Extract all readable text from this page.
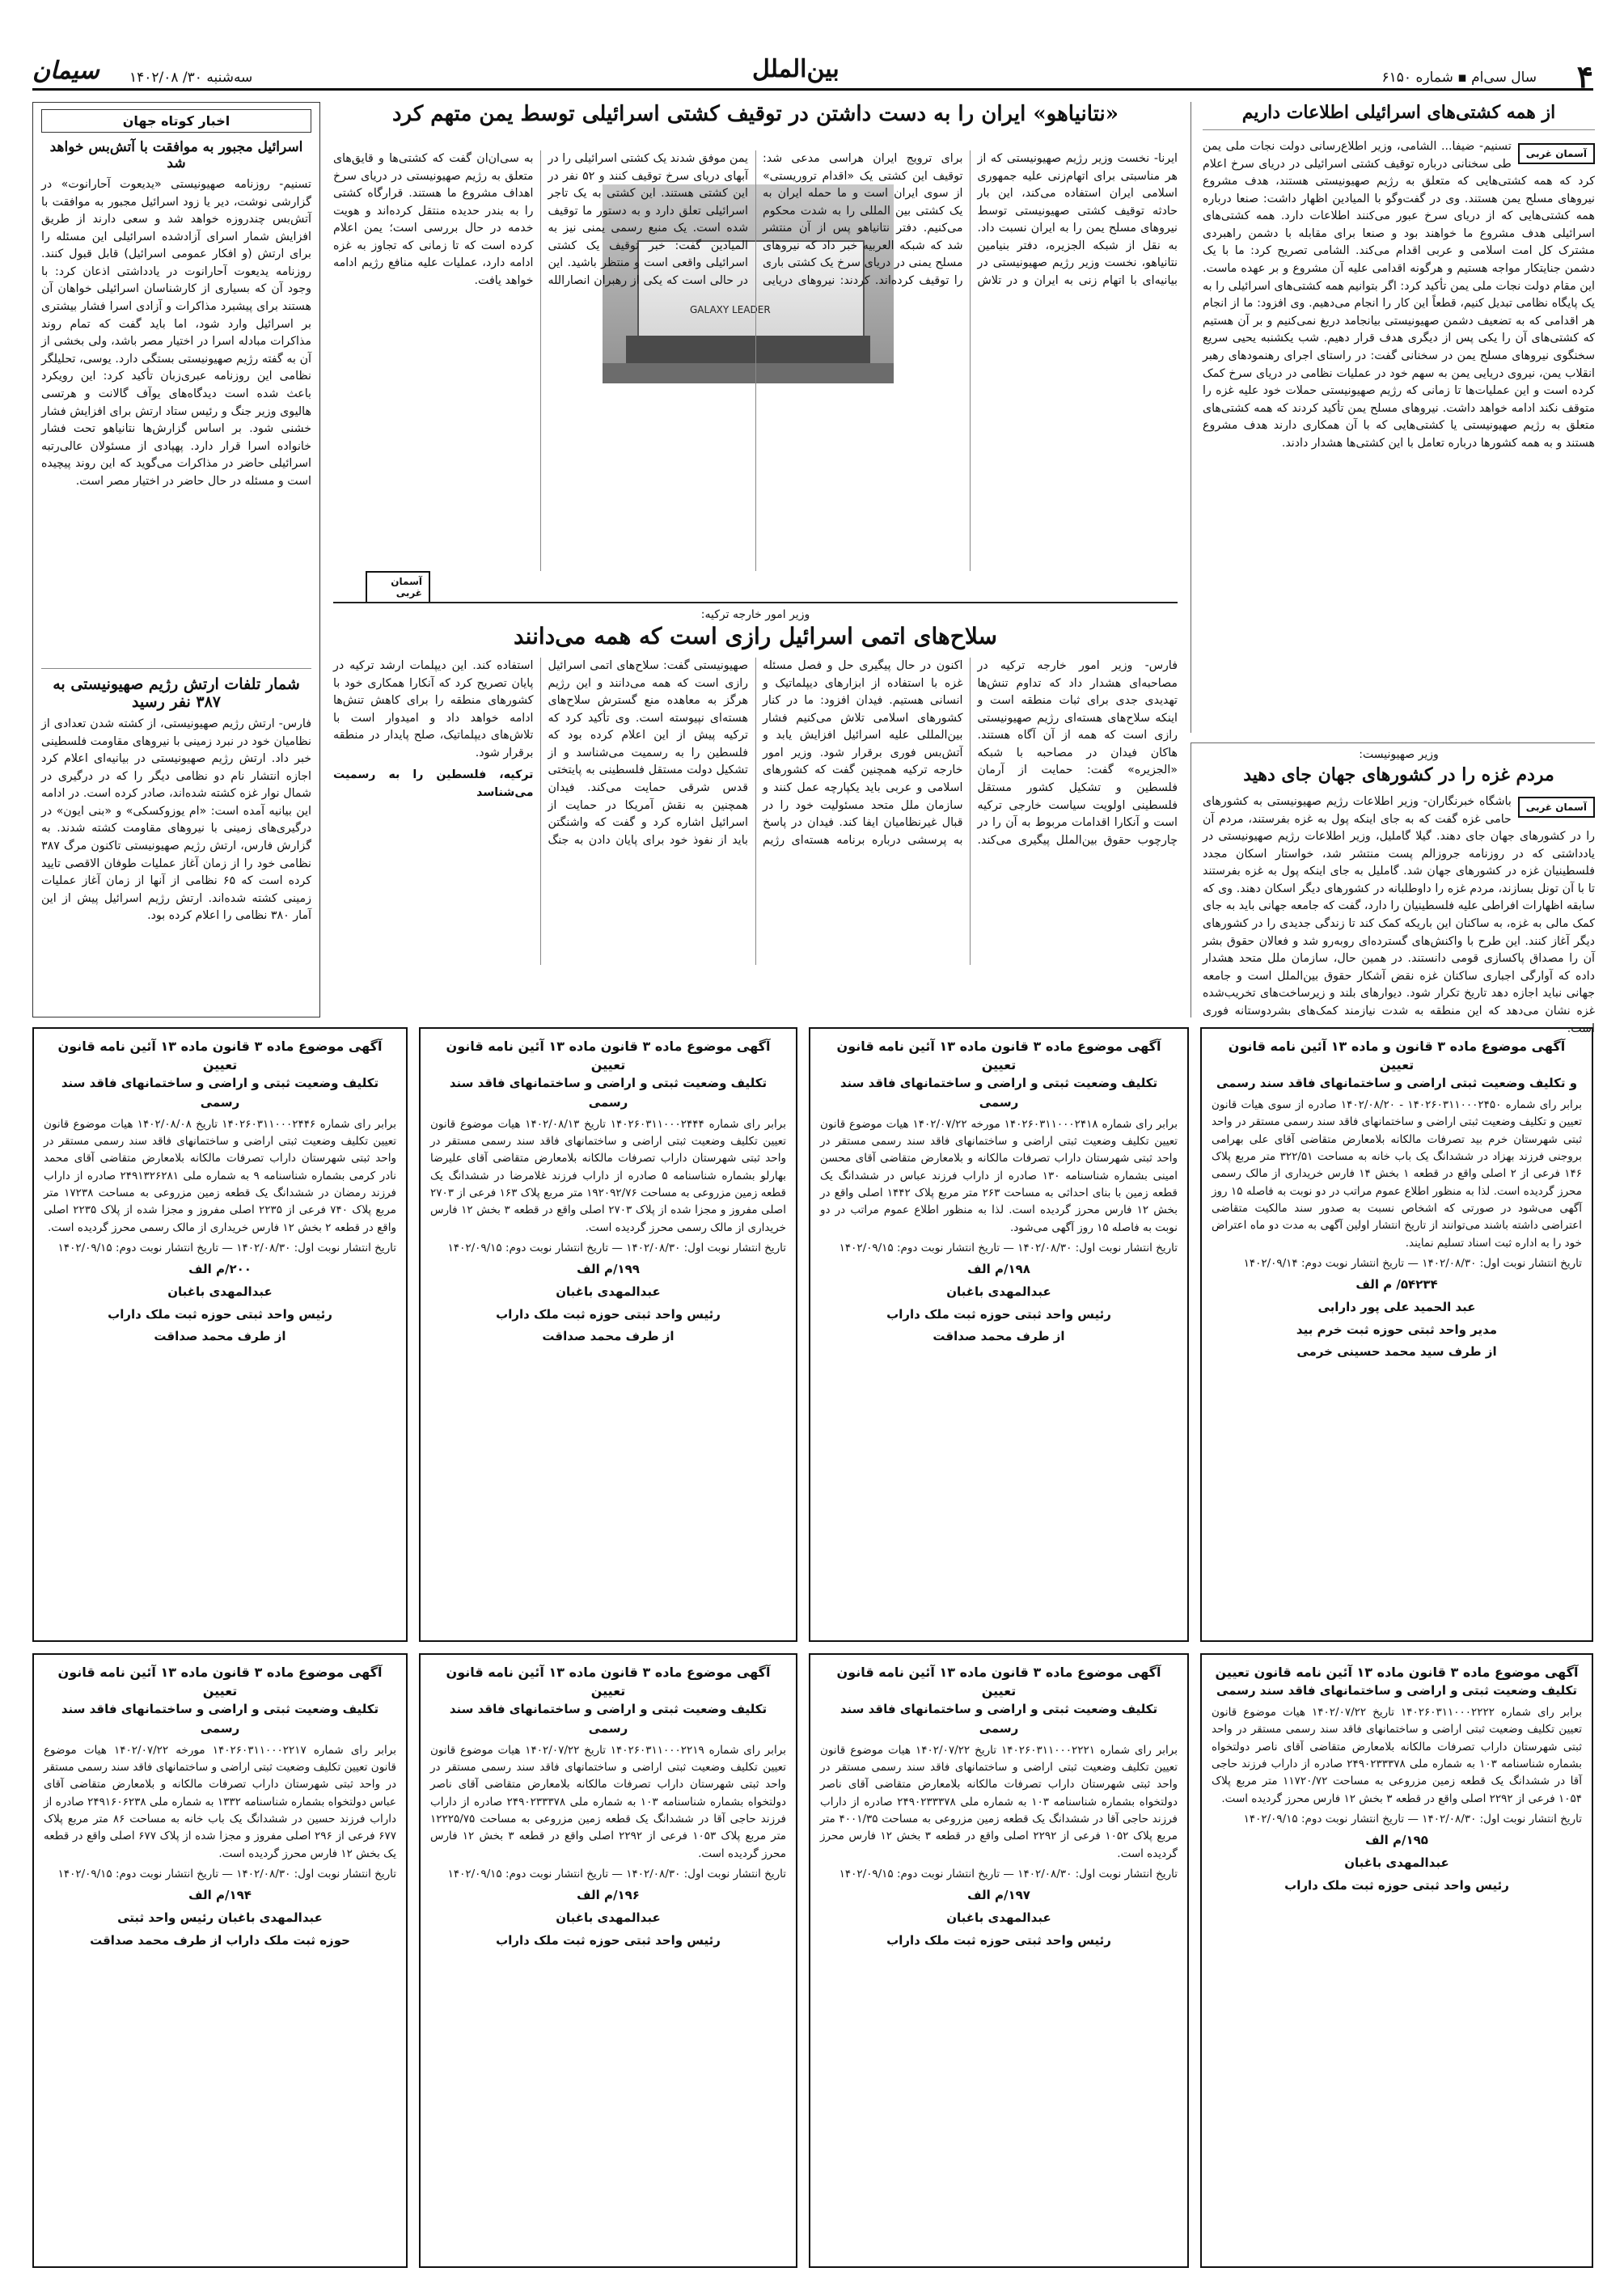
۴
سال سی‌ام ▪ شماره ۶۱۵۰
بین‌الملل
سه‌شنبه ۳۰/ ۱۴۰۲/۰۸
سیمان
از همه کشتی‌های اسرائیلی اطلاعات داریم
آسمان غربی
تسنیم- ضیفا... الشامی، وزیر اطلاع‌رسانی دولت نجات ملی یمن طی سخنانی درباره توقیف کشتی اسرائیلی در دریای سرخ اعلام کرد که همه کشتی‌هایی که متعلق به رژیم صهیونیستی هستند، هدف مشروع نیروهای مسلح یمن هستند. وی در گفت‌وگو با المیادین اظهار داشت: صنعا درباره همه کشتی‌هایی که از دریای سرخ عبور می‌کنند اطلاعات دارد. همه کشتی‌های اسرائیلی هدف مشروع ما خواهند بود و صنعا برای مقابله با دشمن راهبردی مشترک کل امت اسلامی و عربی اقدام می‌کند. الشامی تصریح کرد: ما با یک دشمن جنایتکار مواجه هستیم و هرگونه اقدامی علیه آن مشروع و بر عهده ماست. این مقام دولت نجات ملی یمن تأکید کرد: اگر بتوانیم همه کشتی‌های اسرائیلی را به یک پایگاه نظامی تبدیل کنیم، قطعاً این کار را انجام می‌دهیم. وی افزود: ما از انجام هر اقدامی که به تضعیف دشمن صهیونیستی بیانجامد دریغ نمی‌کنیم و بر آن هستیم که کشتی‌های آن را یکی پس از دیگری هدف قرار دهیم. شب یکشنبه یحیی سریع سخنگوی نیروهای مسلح یمن در سخنانی گفت: در راستای اجرای رهنمودهای رهبر انقلاب یمن، نیروی دریایی یمن به سهم خود در عملیات نظامی در دریای سرخ کمک کرده است و این عملیات‌ها تا زمانی که رژیم صهیونیستی حملات خود علیه غزه را متوقف نکند ادامه خواهد داشت. نیروهای مسلح یمن تأکید کردند که همه کشتی‌های متعلق به رژیم صهیونیستی یا کشتی‌هایی که با آن همکاری دارند هدف مشروع هستند و به همه کشورها درباره تعامل با این کشتی‌ها هشدار دادند.
وزیر صهیونیست:
مردم غزه را در کشورهای جهان جای دهید
آسمان غربی
باشگاه خبرنگاران- وزیر اطلاعات رژیم صهیونیستی به کشورهای حامی غزه گفت که به جای اینکه پول به غزه بفرستند، مردم آن را در کشورهای جهان جای دهند. گیلا گاملیل، وزیر اطلاعات رژیم صهیونیستی در یادداشتی که در روزنامه جروزالم پست منتشر شد، خواستار اسکان مجدد فلسطینیان غزه در کشورهای جهان شد. گاملیل به جای اینکه پول به غزه بفرستند تا با آن تونل بسازند، مردم غزه را داوطلبانه در کشورهای دیگر اسکان دهند. وی که سابقه اظهارات افراطی علیه فلسطینیان را دارد، گفت که جامعه جهانی باید به جای کمک مالی به غزه، به ساکنان این باریکه کمک کند تا زندگی جدیدی را در کشورهای دیگر آغاز کنند. این طرح با واکنش‌های گسترده‌ای روبه‌رو شد و فعالان حقوق بشر آن را مصداق پاکسازی قومی دانستند. در همین حال، سازمان ملل متحد هشدار داده که آوارگی اجباری ساکنان غزه نقض آشکار حقوق بین‌الملل است و جامعه جهانی نباید اجازه دهد تاریخ تکرار شود. دیوارهای بلند و زیرساخت‌های تخریب‌شده غزه نشان می‌دهد که این منطقه به شدت نیازمند کمک‌های بشردوستانه فوری است.
«نتانیاهو» ایران را به دست داشتن در توقیف کشتی اسرائیلی توسط یمن متهم کرد
GALAXY LEADER
ایرنا- نخست وزیر رژیم صهیونیستی که از هر مناسبتی برای اتهام‌زنی علیه جمهوری اسلامی ایران استفاده می‌کند، این بار حادثه توقیف کشتی صهیونیستی توسط نیروهای مسلح یمن را به ایران نسبت داد. به نقل از شبکه الجزیره، دفتر بنیامین نتانیاهو، نخست وزیر رژیم صهیونیستی در بیانیه‌ای با اتهام زنی به ایران و در تلاش برای ترویج ایران هراسی مدعی شد: توقیف این کشتی یک «اقدام تروریستی» از سوی ایران است و ما حمله ایران به یک کشتی بین المللی را به شدت محکوم می‌کنیم. دفتر نتانیاهو پس از آن منتشر شد که شبکه العربیه خبر داد که نیروهای مسلح یمنی در دریای سرخ یک کشتی باری را توقیف کرده‌اند. کردند: نیروهای دریایی یمن موفق شدند یک کشتی اسرائیلی را در آبهای دریای سرخ توقیف کنند و ۵۲ نفر در این کشتی هستند. این کشتی به یک تاجر اسرائیلی تعلق دارد و به دستور ما توقیف شده است. یک منبع رسمی یمنی نیز به المیادین گفت: خبر توقیف یک کشتی اسرائیلی واقعی است و منتظر باشید. این در حالی است که یکی از رهبران انصارالله به سی‌ان‌ان گفت که کشتی‌ها و قایق‌های متعلق به رژیم صهیونیستی در دریای سرخ اهداف مشروع ما هستند. قرارگاه کشتی را به بندر حدیده منتقل کرده‌اند و هویت خدمه در حال بررسی است؛ یمن اعلام کرده است که تا زمانی که تجاوز به غزه ادامه دارد، عملیات علیه منافع رژیم ادامه خواهد یافت.
آسمان غربی
وزیر امور خارجه ترکیه:
سلاح‌های اتمی اسرائیل رازی است که همه می‌دانند
فارس- وزیر امور خارجه ترکیه در مصاحبه‌ای هشدار داد که تداوم تنش‌ها تهدیدی جدی برای ثبات منطقه است و اینکه سلاح‌های هسته‌ای رژیم صهیونیستی رازی است که همه از آن آگاه هستند. هاکان فیدان در مصاحبه با شبکه «الجزیره» گفت: حمایت از آرمان فلسطین و تشکیل کشور مستقل فلسطینی اولویت سیاست خارجی ترکیه است و آنکارا اقدامات مربوط به آن را در چارچوب حقوق بین‌الملل پیگیری می‌کند. اکنون در حال پیگیری حل و فصل مسئله غزه با استفاده از ابزارهای دیپلماتیک و انسانی هستیم. فیدان افزود: ما در کنار کشورهای اسلامی تلاش می‌کنیم فشار بین‌المللی علیه اسرائیل افزایش یابد و آتش‌بس فوری برقرار شود. وزیر امور خارجه ترکیه همچنین گفت که کشورهای اسلامی و عربی باید یکپارچه عمل کنند و سازمان ملل متحد مسئولیت خود را در قبال غیرنظامیان ایفا کند. فیدان در پاسخ به پرسشی درباره برنامه هسته‌ای رژیم صهیونیستی گفت: سلاح‌های اتمی اسرائیل رازی است که همه می‌دانند و این رژیم هرگز به معاهده منع گسترش سلاح‌های هسته‌ای نپیوسته است. وی تأکید کرد که ترکیه پیش از این اعلام کرده بود که فلسطین را به رسمیت می‌شناسد و از تشکیل دولت مستقل فلسطینی به پایتختی قدس شرقی حمایت می‌کند. فیدان همچنین به نقش آمریکا در حمایت از اسرائیل اشاره کرد و گفت که واشنگتن باید از نفوذ خود برای پایان دادن به جنگ استفاده کند. این دیپلمات ارشد ترکیه در پایان تصریح کرد که آنکارا همکاری خود با کشورهای منطقه را برای کاهش تنش‌ها ادامه خواهد داد و امیدوار است با تلاش‌های دیپلماتیک، صلح پایدار در منطقه برقرار شود.
ترکیه، فلسطین را به رسمیت می‌شناسد
اخبار کوتاه جهان
اسرائیل مجبور به موافقت با آتش‌بس خواهد شد
تسنیم- روزنامه صهیونیستی «یدیعوت آحارانوت» در گزارشی نوشت، دیر یا زود اسرائیل مجبور به موافقت با آتش‌بس چندروزه خواهد شد و سعی دارند از طریق افزایش شمار اسرای آزادشده اسرائیلی این مسئله را برای ارتش (و افکار عمومی اسرائیل) قابل قبول کنند. روزنامه یدیعوت آحارانوت در یادداشتی اذعان کرد: با وجود آن که بسیاری از کارشناسان اسرائیلی خواهان آن هستند برای پیشبرد مذاکرات و آزادی اسرا فشار بیشتری بر اسرائیل وارد شود، اما باید گفت که تمام روند مذاکرات مبادله اسرا در اختیار مصر باشد، ولی بخشی از آن به گفته رژیم صهیونیستی بستگی دارد. یوسی، تحلیلگر نظامی این روزنامه عبری‌زبان تأکید کرد: این رویکرد باعث شده است دیدگاه‌های یوآف گالانت و هرتسی هالیوی وزیر جنگ و رئیس ستاد ارتش برای افزایش فشار خشنی شود. بر اساس گزارش‌ها نتانیاهو تحت فشار خانواده اسرا قرار دارد. پهپادی از مسئولان عالی‌رتبه اسرائیلی حاضر در مذاکرات می‌گوید که این روند پیچیده است و مسئله در حال حاضر در اختیار مصر است.
شمار تلفات ارتش رژیم صهیونیستی به ۳۸۷ نفر رسید
فارس- ارتش رژیم صهیونیستی، از کشته شدن تعدادی از نظامیان خود در نبرد زمینی با نیروهای مقاومت فلسطینی خبر داد. ارتش رژیم صهیونیستی در بیانیه‌ای اعلام کرد اجازه انتشار نام دو نظامی دیگر را که در درگیری در شمال نوار غزه کشته شده‌اند، صادر کرده است. در ادامه این بیانیه آمده است: «ام یوزوکسکی» و «بنی ایون» در درگیری‌های زمینی با نیروهای مقاومت کشته شدند. به گزارش فارس، ارتش رژیم صهیونیستی تاکنون مرگ ۳۸۷ نظامی خود را از زمان آغاز عملیات طوفان الاقصی تایید کرده است که ۶۵ نظامی از آنها از زمان آغاز عملیات زمینی کشته شده‌اند. ارتش رژیم اسرائیل پیش از این آمار ۳۸۰ نظامی را اعلام کرده بود.
آگهی موضوع ماده ۳ قانون و ماده ۱۳ آئین نامه قانون تعیین
و تکلیف وضعیت ثبتی اراضی و ساختمانهای فاقد سند رسمی
برابر رای شماره ۱۴۰۲۶۰۳۱۱۰۰۰۲۴۵۰ - ۱۴۰۲/۰۸/۲۰ صادره از سوی هیات قانون تعیین و تکلیف وضعیت ثبتی اراضی و ساختمانهای فاقد سند رسمی مستقر در واحد ثبتی شهرستان خرم بید تصرفات مالکانه بلامعارض متقاضی آقای علی بهرامی بروجنی فرزند بهزاد در ششدانگ یک باب خانه به مساحت ۳۲۲/۵۱ متر مربع پلاک ۱۴۶ فرعی از ۲ اصلی واقع در قطعه ۱ بخش ۱۴ فارس خریداری از مالک رسمی محرز گردیده است. لذا به منظور اطلاع عموم مراتب در دو نوبت به فاصله ۱۵ روز آگهی می‌شود در صورتی که اشخاص نسبت به صدور سند مالکیت متقاضی اعتراضی داشته باشند می‌توانند از تاریخ انتشار اولین آگهی به مدت دو ماه اعتراض خود را به اداره ثبت اسناد تسلیم نمایند.
تاریخ انتشار نوبت اول: ۱۴۰۲/۰۸/۳۰ — تاریخ انتشار نوبت دوم: ۱۴۰۲/۰۹/۱۴
۵۴۲۳۴/ م الف
عبد الحمید علی پور دارابی
مدیر واحد ثبتی حوزه ثبت خرم بید
از طرف سید محمد حسینی خرمی
آگهی موضوع ماده ۳ قانون ماده ۱۳ آئین نامه قانون تعیین
تکلیف وضعیت ثبتی و اراضی و ساختمانهای فاقد سند رسمی
برابر رای شماره ۱۴۰۲۶۰۳۱۱۰۰۰۲۴۱۸ مورخه ۱۴۰۲/۰۷/۲۲ هیات موضوع قانون تعیین تکلیف وضعیت ثبتی اراضی و ساختمانهای فاقد سند رسمی مستقر در واحد ثبتی شهرستان داراب تصرفات مالکانه و بلامعارض متقاضی آقای محسن امینی بشماره شناسنامه ۱۳۰ صادره از داراب فرزند عباس در ششدانگ یک قطعه زمین با بنای احداثی به مساحت ۲۶۳ متر مربع پلاک ۱۴۴۲ اصلی واقع در بخش ۱۲ فارس محرز گردیده است. لذا به منظور اطلاع عموم مراتب در دو نوبت به فاصله ۱۵ روز آگهی می‌شود.
تاریخ انتشار نوبت اول: ۱۴۰۲/۰۸/۳۰ — تاریخ انتشار نوبت دوم: ۱۴۰۲/۰۹/۱۵
۱۹۸/م الف
عبدالمهدی باغبان
رئیس واحد ثبتی حوزه ثبت ملک داراب
از طرف محمد صداقت
آگهی موضوع ماده ۳ قانون ماده ۱۳ آئین نامه قانون تعیین
تکلیف وضعیت ثبتی و اراضی و ساختمانهای فاقد سند رسمی
برابر رای شماره ۱۴۰۲۶۰۳۱۱۰۰۰۲۴۴۴ تاریخ ۱۴۰۲/۰۸/۱۳ هیات موضوع قانون تعیین تکلیف وضعیت ثبتی اراضی و ساختمانهای فاقد سند رسمی مستقر در واحد ثبتی شهرستان داراب تصرفات مالکانه بلامعارض متقاضی آقای علیرضا بهارلو بشماره شناسنامه ۵ صادره از داراب فرزند غلامرضا در ششدانگ یک قطعه زمین مزروعی به مساحت ۱۹۲۰۹۲/۷۶ متر مربع پلاک ۱۶۳ فرعی از ۲۷۰۳ اصلی مفروز و مجزا شده از پلاک ۲۷۰۳ اصلی واقع در قطعه ۳ بخش ۱۲ فارس خریداری از مالک رسمی محرز گردیده است.
تاریخ انتشار نوبت اول: ۱۴۰۲/۰۸/۳۰ — تاریخ انتشار نوبت دوم: ۱۴۰۲/۰۹/۱۵
۱۹۹/م الف
عبدالمهدی باغبان
رئیس واحد ثبتی حوزه ثبت ملک داراب
از طرف محمد صداقت
آگهی موضوع ماده ۳ قانون ماده ۱۳ آئین نامه قانون تعیین
تکلیف وضعیت ثبتی و اراضی و ساختمانهای فاقد سند رسمی
برابر رای شماره ۱۴۰۲۶۰۳۱۱۰۰۰۲۴۴۶ تاریخ ۱۴۰۲/۰۸/۰۸ هیات موضوع قانون تعیین تکلیف وضعیت ثبتی اراضی و ساختمانهای فاقد سند رسمی مستقر در واحد ثبتی شهرستان داراب تصرفات مالکانه بلامعارض متقاضی آقای محمد نادر کرمی بشماره شناسنامه ۹ به شماره ملی ۲۴۹۱۳۲۶۲۸۱ صادره از داراب فرزند رمضان در ششدانگ یک قطعه زمین مزروعی به مساحت ۱۷۲۳۸ متر مربع پلاک ۷۴۰ فرعی از ۲۲۳۵ اصلی مفروز و مجزا شده از پلاک ۲۲۳۵ اصلی واقع در قطعه ۲ بخش ۱۲ فارس خریداری از مالک رسمی محرز گردیده است.
تاریخ انتشار نوبت اول: ۱۴۰۲/۰۸/۳۰ — تاریخ انتشار نوبت دوم: ۱۴۰۲/۰۹/۱۵
۲۰۰/م الف
عبدالمهدی باغبان
رئیس واحد ثبتی حوزه ثبت ملک داراب
از طرف محمد صداقت
آگهی موضوع ماده ۳ قانون ماده ۱۳ آئین نامه قانون تعیین
تکلیف وضعیت ثبتی و اراضی و ساختمانهای فاقد سند رسمی
برابر رای شماره ۱۴۰۲۶۰۳۱۱۰۰۰۲۲۲۲ تاریخ ۱۴۰۲/۰۷/۲۲ هیات موضوع قانون تعیین تکلیف وضعیت ثبتی اراضی و ساختمانهای فاقد سند رسمی مستقر در واحد ثبتی شهرستان داراب تصرفات مالکانه بلامعارض متقاضی آقای ناصر دولتخواه بشماره شناسنامه ۱۰۳ به شماره ملی ۲۴۹۰۲۳۳۳۷۸ صادره از داراب فرزند حاجی آقا در ششدانگ یک قطعه زمین مزروعی به مساحت ۱۱۷۲۰/۷۲ متر مربع پلاک ۱۰۵۴ فرعی از ۲۲۹۲ اصلی واقع در قطعه ۳ بخش ۱۲ فارس محرز گردیده است.
تاریخ انتشار نوبت اول: ۱۴۰۲/۰۸/۳۰ — تاریخ انتشار نوبت دوم: ۱۴۰۲/۰۹/۱۵
۱۹۵/م الف
عبدالمهدی باغبان
رئیس واحد ثبتی حوزه ثبت ملک داراب
آگهی موضوع ماده ۳ قانون ماده ۱۳ آئین نامه قانون تعیین
تکلیف وضعیت ثبتی و اراضی و ساختمانهای فاقد سند رسمی
برابر رای شماره ۱۴۰۲۶۰۳۱۱۰۰۰۲۲۲۱ تاریخ ۱۴۰۲/۰۷/۲۲ هیات موضوع قانون تعیین تکلیف وضعیت ثبتی اراضی و ساختمانهای فاقد سند رسمی مستقر در واحد ثبتی شهرستان داراب تصرفات مالکانه بلامعارض متقاضی آقای ناصر دولتخواه بشماره شناسنامه ۱۰۳ به شماره ملی ۲۴۹۰۲۳۳۳۷۸ صادره از داراب فرزند حاجی آقا در ششدانگ یک قطعه زمین مزروعی به مساحت ۴۰۰۱/۳۵ متر مربع پلاک ۱۰۵۲ فرعی از ۲۲۹۲ اصلی واقع در قطعه ۳ بخش ۱۲ فارس محرز گردیده است.
تاریخ انتشار نوبت اول: ۱۴۰۲/۰۸/۳۰ — تاریخ انتشار نوبت دوم: ۱۴۰۲/۰۹/۱۵
۱۹۷/م الف
عبدالمهدی باغبان
رئیس واحد ثبتی حوزه ثبت ملک داراب
آگهی موضوع ماده ۳ قانون ماده ۱۳ آئین نامه قانون تعیین
تکلیف وضعیت ثبتی و اراضی و ساختمانهای فاقد سند رسمی
برابر رای شماره ۱۴۰۲۶۰۳۱۱۰۰۰۲۲۱۹ تاریخ ۱۴۰۲/۰۷/۲۲ هیات موضوع قانون تعیین تکلیف وضعیت ثبتی اراضی و ساختمانهای فاقد سند رسمی مستقر در واحد ثبتی شهرستان داراب تصرفات مالکانه بلامعارض متقاضی آقای ناصر دولتخواه بشماره شناسنامه ۱۰۳ به شماره ملی ۲۴۹۰۲۳۳۳۷۸ صادره از داراب فرزند حاجی آقا در ششدانگ یک قطعه زمین مزروعی به مساحت ۱۲۲۲۵/۷۵ متر مربع پلاک ۱۰۵۳ فرعی از ۲۲۹۲ اصلی واقع در قطعه ۳ بخش ۱۲ فارس محرز گردیده است.
تاریخ انتشار نوبت اول: ۱۴۰۲/۰۸/۳۰ — تاریخ انتشار نوبت دوم: ۱۴۰۲/۰۹/۱۵
۱۹۶/م الف
عبدالمهدی باغبان
رئیس واحد ثبتی حوزه ثبت ملک داراب
آگهی موضوع ماده ۳ قانون ماده ۱۳ آئین نامه قانون تعیین
تکلیف وضعیت ثبتی و اراضی و ساختمانهای فاقد سند رسمی
برابر رای شماره ۱۴۰۲۶۰۳۱۱۰۰۰۲۲۱۷ مورخه ۱۴۰۲/۰۷/۲۲ هیات موضوع قانون تعیین تکلیف وضعیت ثبتی اراضی و ساختمانهای فاقد سند رسمی مستقر در واحد ثبتی شهرستان داراب تصرفات مالکانه و بلامعارض متقاضی آقای عباس دولتخواه بشماره شناسنامه ۱۳۳۲ به شماره ملی ۲۴۹۱۶۰۶۲۳۸ صادره از داراب فرزند حسین در ششدانگ یک باب خانه به مساحت ۸۶ متر مربع پلاک ۶۷۷ فرعی از ۲۹۶ اصلی مفروز و مجزا شده از پلاک ۶۷۷ اصلی واقع در قطعه یک بخش ۱۲ فارس محرز گردیده است.
تاریخ انتشار نوبت اول: ۱۴۰۲/۰۸/۳۰ — تاریخ انتشار نوبت دوم: ۱۴۰۲/۰۹/۱۵
۱۹۴/م الف
عبدالمهدی باغبان رئیس واحد ثبتی
حوزه ثبت ملک داراب از طرف محمد صداقت
